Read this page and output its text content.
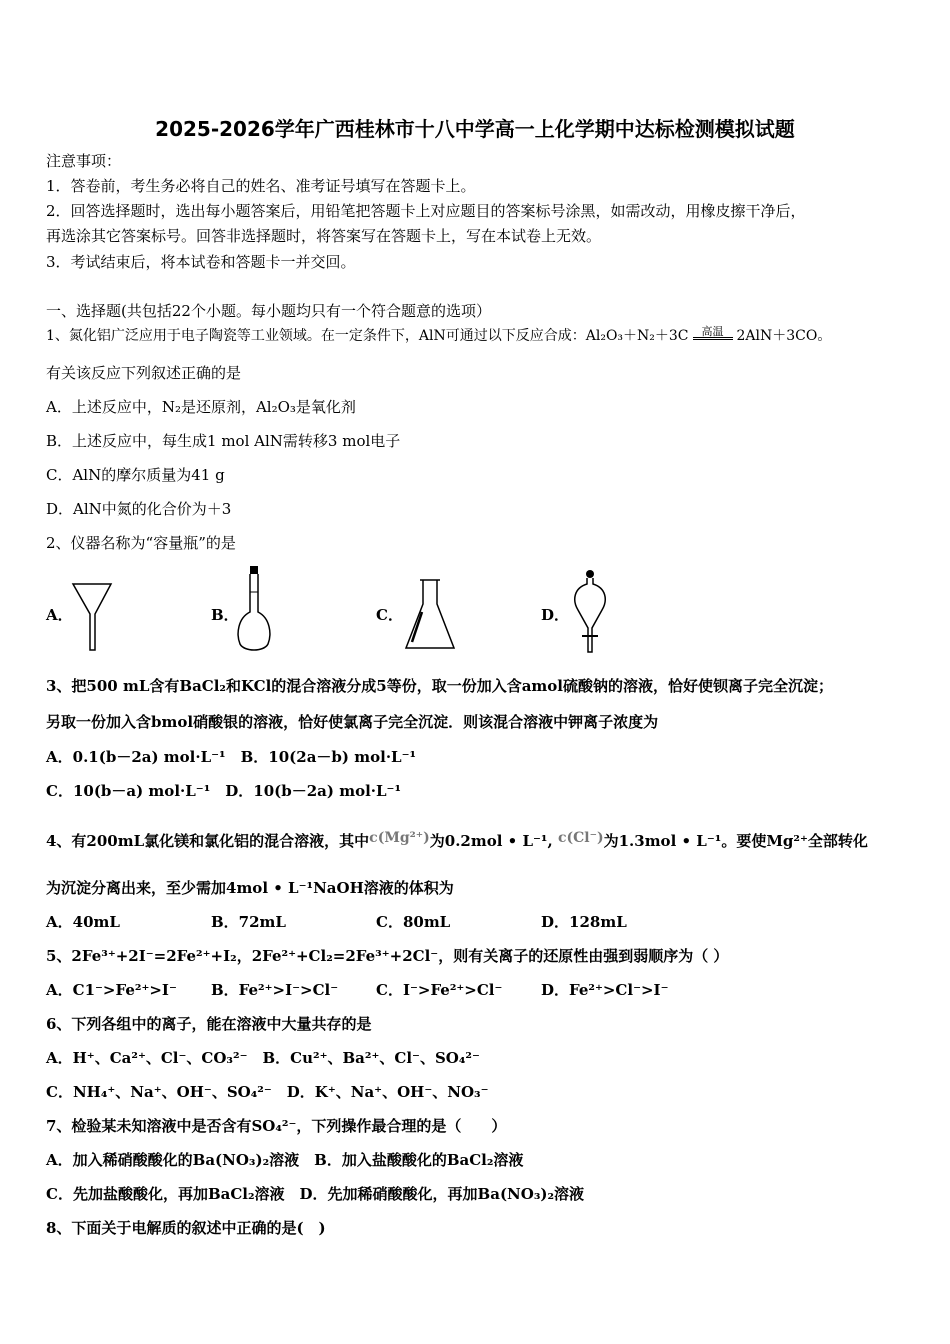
2025-2026学年广西桂林市十八中学高一上化学期中达标检测模拟试题
注意事项：
1．答卷前，考生务必将自己的姓名、准考证号填写在答题卡上。
2．回答选择题时，选出每小题答案后，用铅笔把答题卡上对应题目的答案标号涂黑，如需改动，用橡皮擦干净后，
再选涂其它答案标号。回答非选择题时，将答案写在答题卡上，写在本试卷上无效。
3．考试结束后，将本试卷和答题卡一并交回。
一、选择题(共包括22个小题。每小题均只有一个符合题意的选项）
1、氮化铝广泛应用于电子陶瓷等工业领域。在一定条件下，AlN可通过以下反应合成：Al₂O₃＋N₂＋3C 高温 2AlN＋3CO。
有关该反应下列叙述正确的是
A．上述反应中，N₂是还原剂，Al₂O₃是氧化剂
B．上述反应中，每生成1 mol AlN需转移3 mol电子
C．AlN的摩尔质量为41 g
D．AlN中氮的化合价为＋3
2、仪器名称为“容量瓶”的是
A．	B．	C．	D．
3、把500 mL含有BaCl₂和KCl的混合溶液分成5等份，取一份加入含amol硫酸钠的溶液，恰好使钡离子完全沉淀；
另取一份加入含bmol硝酸银的溶液，恰好使氯离子完全沉淀．则该混合溶液中钾离子浓度为
A．0.1(b－2a) mol·L⁻¹　B．10(2a－b) mol·L⁻¹
C．10(b－a) mol·L⁻¹　D．10(b－2a) mol·L⁻¹
4、有200mL氯化镁和氯化铝的混合溶液，其中c(Mg²⁺)为0.2mol • L⁻¹, c(Cl⁻)为1.3mol • L⁻¹。要使Mg²⁺全部转化
为沉淀分离出来，至少需加4mol • L⁻¹NaOH溶液的体积为
A．40mL	B．72mL	C．80mL	D．128mL
5、2Fe³⁺+2I⁻=2Fe²⁺+I₂，2Fe²⁺+Cl₂=2Fe³⁺+2Cl⁻，则有关离子的还原性由强到弱顺序为（ ）
A．C1⁻>Fe²⁺>I⁻ B．Fe²⁺>I⁻>Cl⁻	C．I⁻>Fe²⁺>Cl⁻	D．Fe²⁺>Cl⁻>I⁻
6、下列各组中的离子，能在溶液中大量共存的是
A．H⁺、Ca²⁺、Cl⁻、CO₃²⁻　B．Cu²⁺、Ba²⁺、Cl⁻、SO₄²⁻
C．NH₄⁺、Na⁺、OH⁻、SO₄²⁻　D．K⁺、Na⁺、OH⁻、NO₃⁻
7、检验某未知溶液中是否含有SO₄²⁻，下列操作最合理的是（　　）
A．加入稀硝酸酸化的Ba(NO₃)₂溶液　B．加入盐酸酸化的BaCl₂溶液
C．先加盐酸酸化，再加BaCl₂溶液　D．先加稀硝酸酸化，再加Ba(NO₃)₂溶液
8、下面关于电解质的叙述中正确的是(　)
